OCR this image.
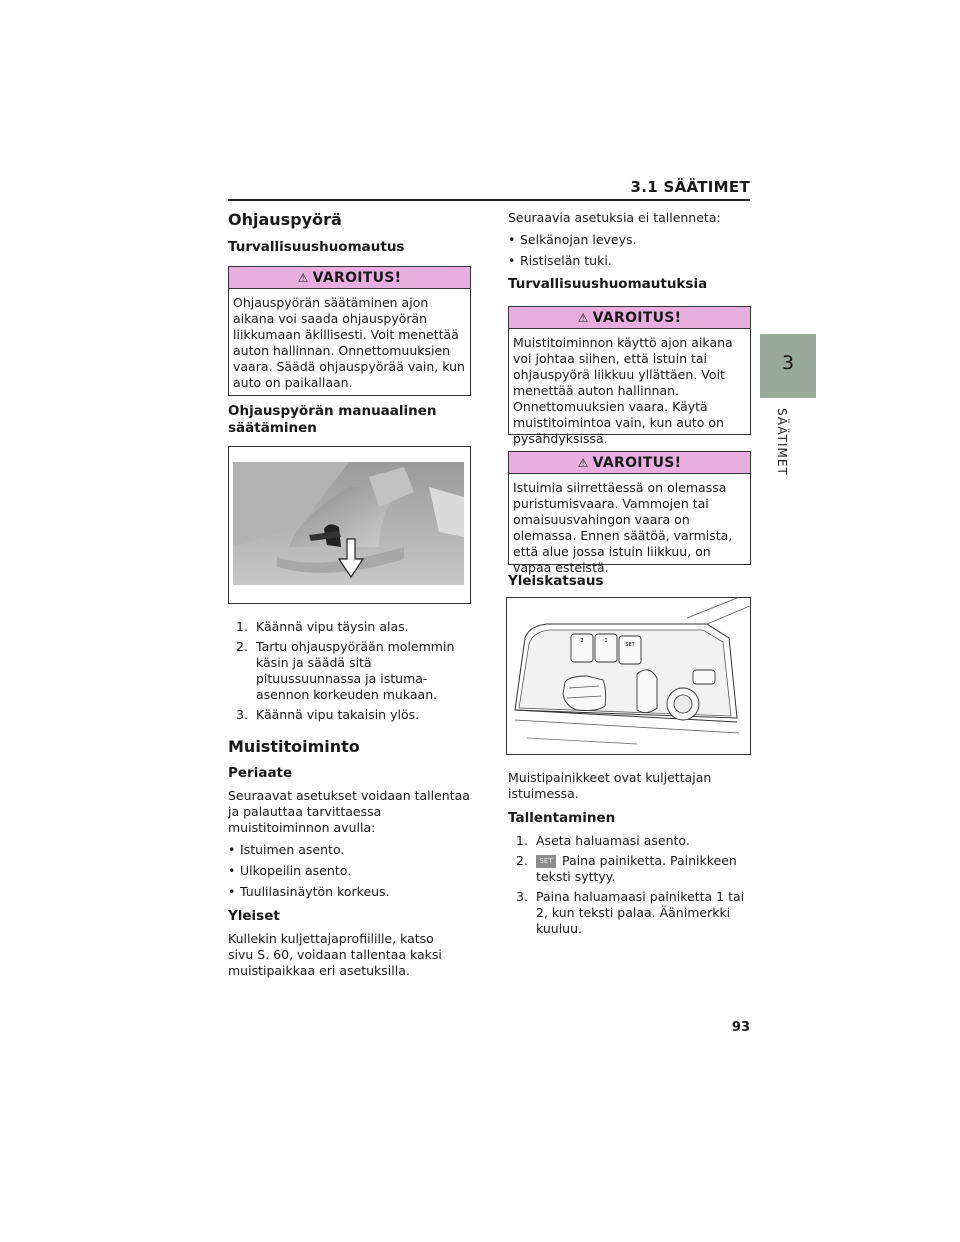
3.1 SÄÄTIMET
3
SÄÄTIMET

Ohjauspyörä

Turvallisuushuomautus

⚠ VAROITUS!
Ohjauspyörän säätäminen ajon aikana voi saada ohjauspyörän liikkumaan äkillisesti. Voit menettää auton hallinnan. Onnettomuuksien vaara. Säädä ohjauspyörää vain, kun auto on paikallaan.

Ohjauspyörän manuaalinen säätäminen

1. Käännä vipu täysin alas.
2. Tartu ohjauspyörään molemmin käsin ja säädä sitä pituussuunnassa ja istuma-asennon korkeuden mukaan.
3. Käännä vipu takaisin ylös.

Muistitoiminto

Periaate

Seuraavat asetukset voidaan tallentaa ja palauttaa tarvittaessa muistitoiminnon avulla:

• Istuimen asento.
• Ulkopeilin asento.
• Tuulilasinäytön korkeus.

Yleiset

Kullekin kuljettajaprofiilille, katso sivu S. 60, voidaan tallentaa kaksi muistipaikkaa eri asetuksilla.

Seuraavia asetuksia ei tallenneta:

• Selkänojan leveys.
• Ristiselän tuki.

Turvallisuushuomautuksia

⚠ VAROITUS!
Muistitoiminnon käyttö ajon aikana voi johtaa siihen, että istuin tai ohjauspyörä liikkuu yllättäen. Voit menettää auton hallinnan. Onnettomuuksien vaara. Käytä muistitoimintoa vain, kun auto on pysähdyksissä.
⚠ VAROITUS!
Istuimia siirrettäessä on olemassa puristumisvaara. Vammojen tai omaisuusvahingon vaara on olemassa. Ennen säätöä, varmista, että alue jossa istuin liikkuu, on vapaa esteistä.

Yleiskatsaus

2	1
SET

Muistipainikkeet ovat kuljettajan istuimessa.

Tallentaminen

1. Aseta haluamasi asento.
2.	SET Paina painiketta. Painikkeen teksti syttyy.
3. Paina haluamaasi painiketta 1 tai 2, kun teksti palaa. Äänimerkki kuuluu.
93
